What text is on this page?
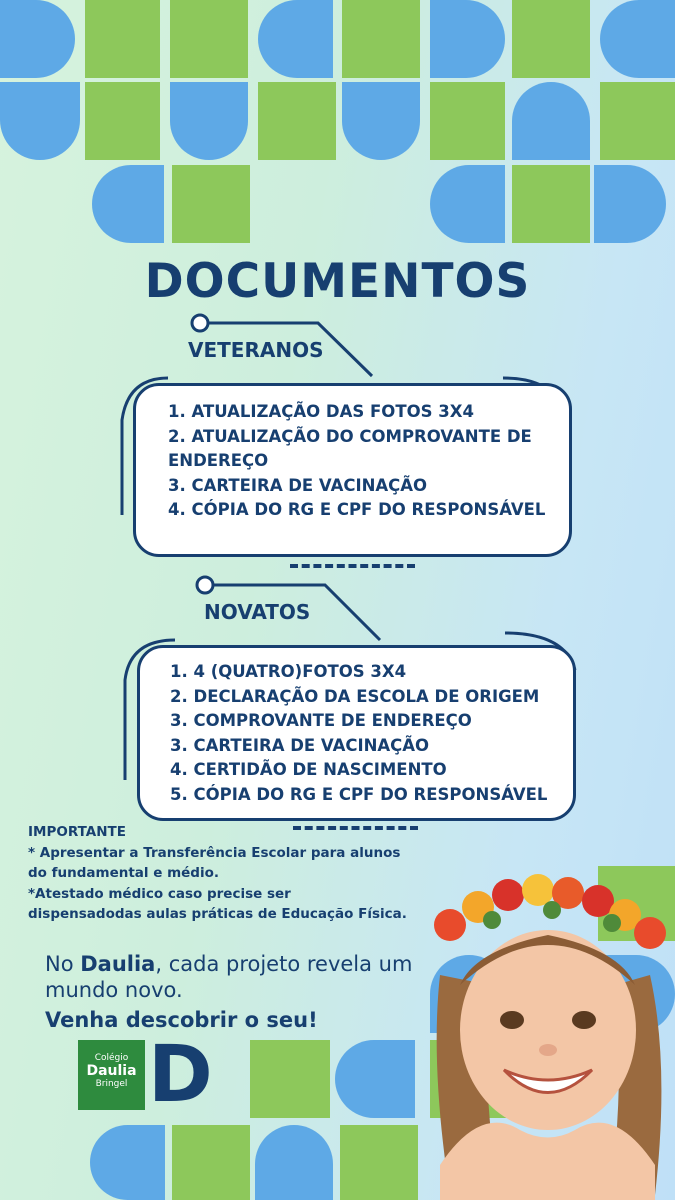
DOCUMENTOS
VETERANOS
1. ATUALIZAÇÃO DAS FOTOS 3X4
2. ATUALIZAÇÃO DO COMPROVANTE DE ENDEREÇO
3. CARTEIRA DE VACINAÇÃO
4. CÓPIA DO RG E CPF DO RESPONSÁVEL
NOVATOS
1. 4 (QUATRO)FOTOS 3X4
2. DECLARAÇÃO DA ESCOLA DE ORIGEM
3. COMPROVANTE DE ENDEREÇO
3. CARTEIRA DE VACINAÇÃO
4. CERTIDÃO DE NASCIMENTO
5. CÓPIA DO RG E CPF DO RESPONSÁVEL
IMPORTANTE
* Apresentar a Transferência Escolar para alunos do fundamental e médio.
*Atestado médico caso precise ser dispensadodas aulas práticas de Educação Física.
No Daulia, cada projeto revela um mundo novo.
Venha descobrir o seu!
Colégio
Daulia
Bringel D
